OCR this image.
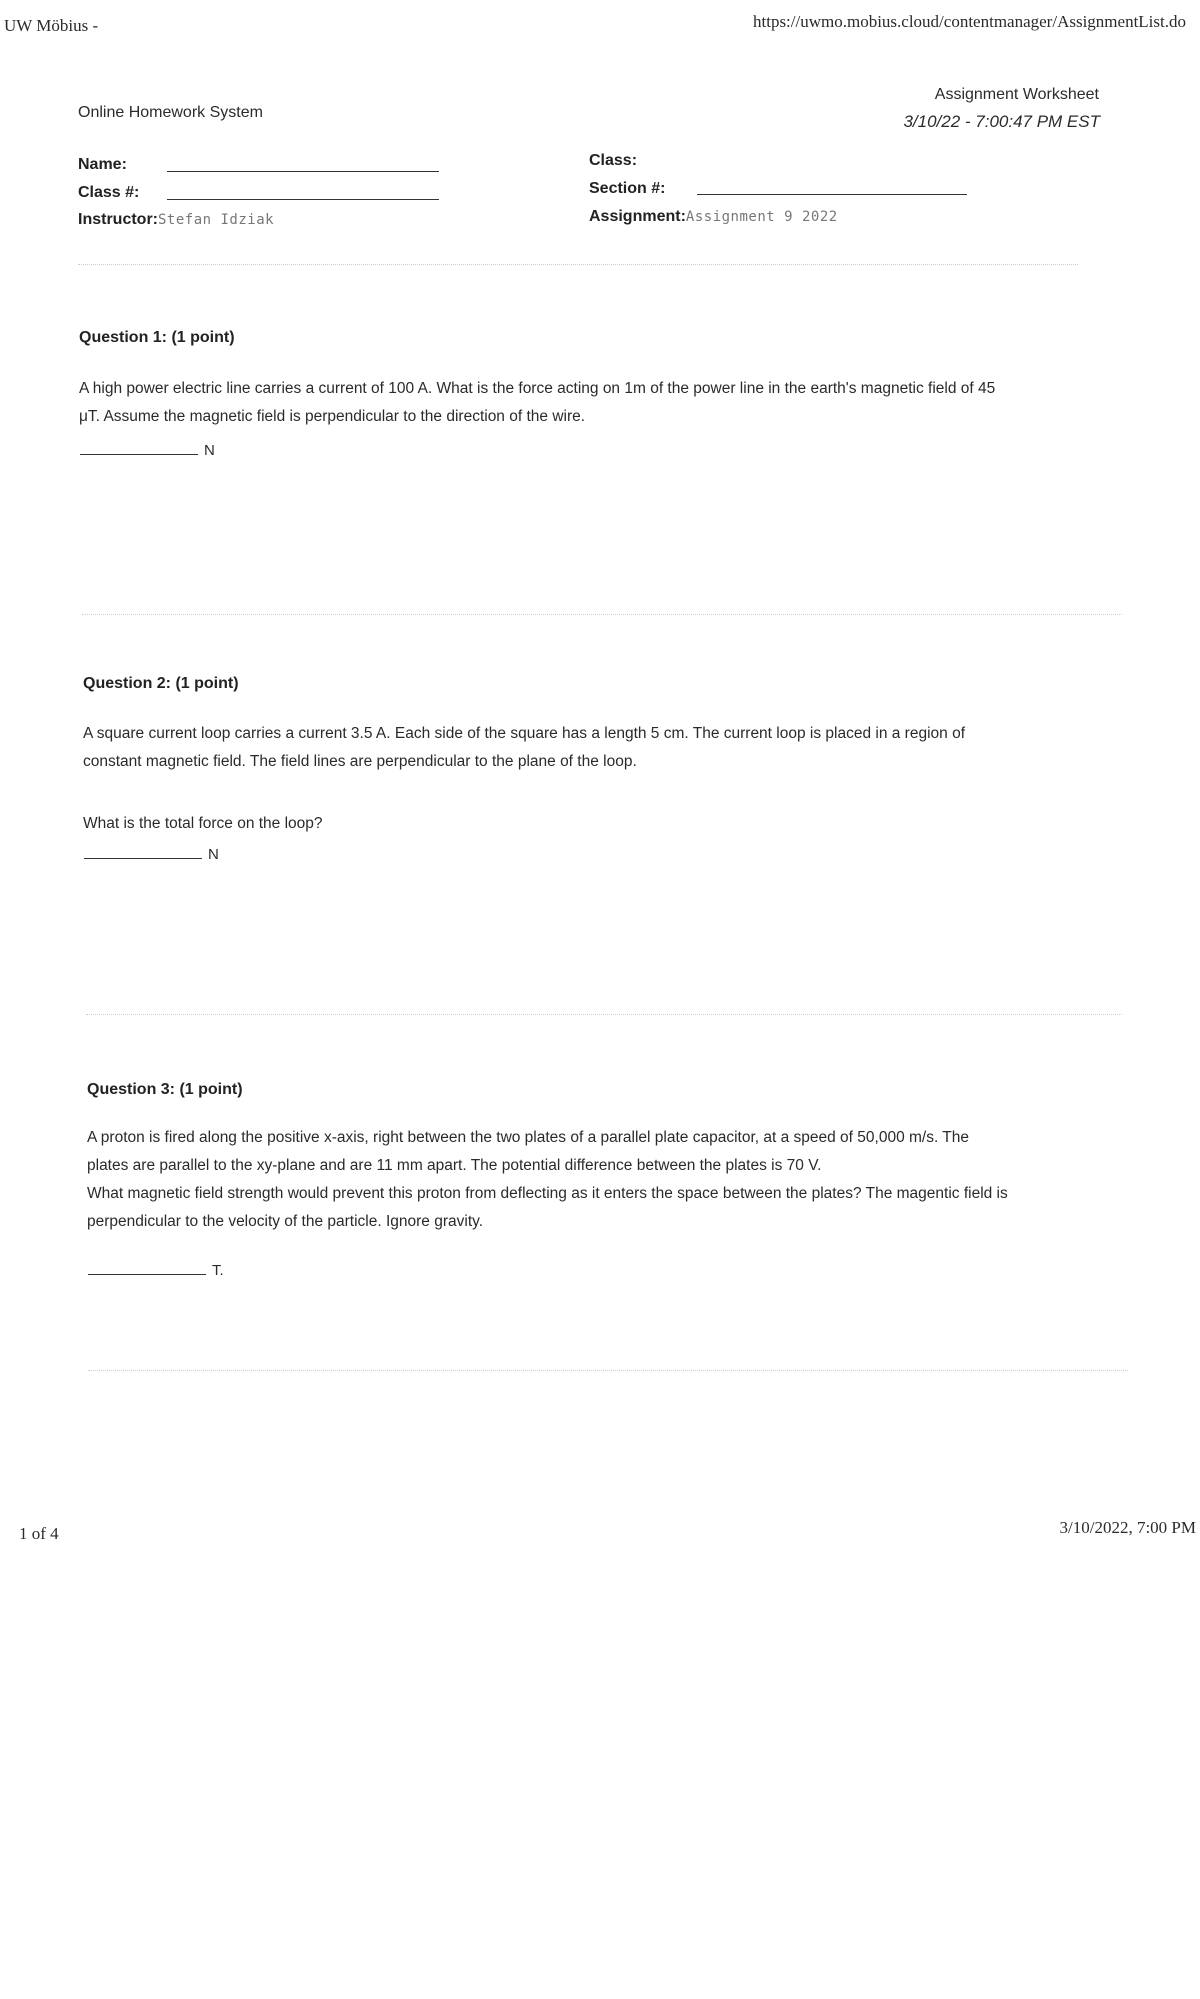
UW Möbius -	https://uwmo.mobius.cloud/contentmanager/AssignmentList.do
Online Homework System
Assignment Worksheet
3/10/22 - 7:00:47 PM EST
Name:
Class #:
Instructor:Stefan Idziak
Class:
Section #:
Assignment:Assignment 9 2022
Question 1: (1 point)
A high power electric line carries a current of 100 A. What is the force acting on 1m of the power line in the earth's magnetic field of 45
μT. Assume the magnetic field is perpendicular to the direction of the wire.
N
Question 2: (1 point)
A square current loop carries a current 3.5 A. Each side of the square has a length 5 cm. The current loop is placed in a region of
constant magnetic field. The field lines are perpendicular to the plane of the loop.
What is the total force on the loop?
N
Question 3: (1 point)
A proton is fired along the positive x-axis, right between the two plates of a parallel plate capacitor, at a speed of 50,000 m/s. The
plates are parallel to the xy-plane and are 11 mm apart. The potential difference between the plates is 70 V.
What magnetic field strength would prevent this proton from deflecting as it enters the space between the plates? The magentic field is
perpendicular to the velocity of the particle. Ignore gravity.
T.
1 of 4	3/10/2022, 7:00 PM
